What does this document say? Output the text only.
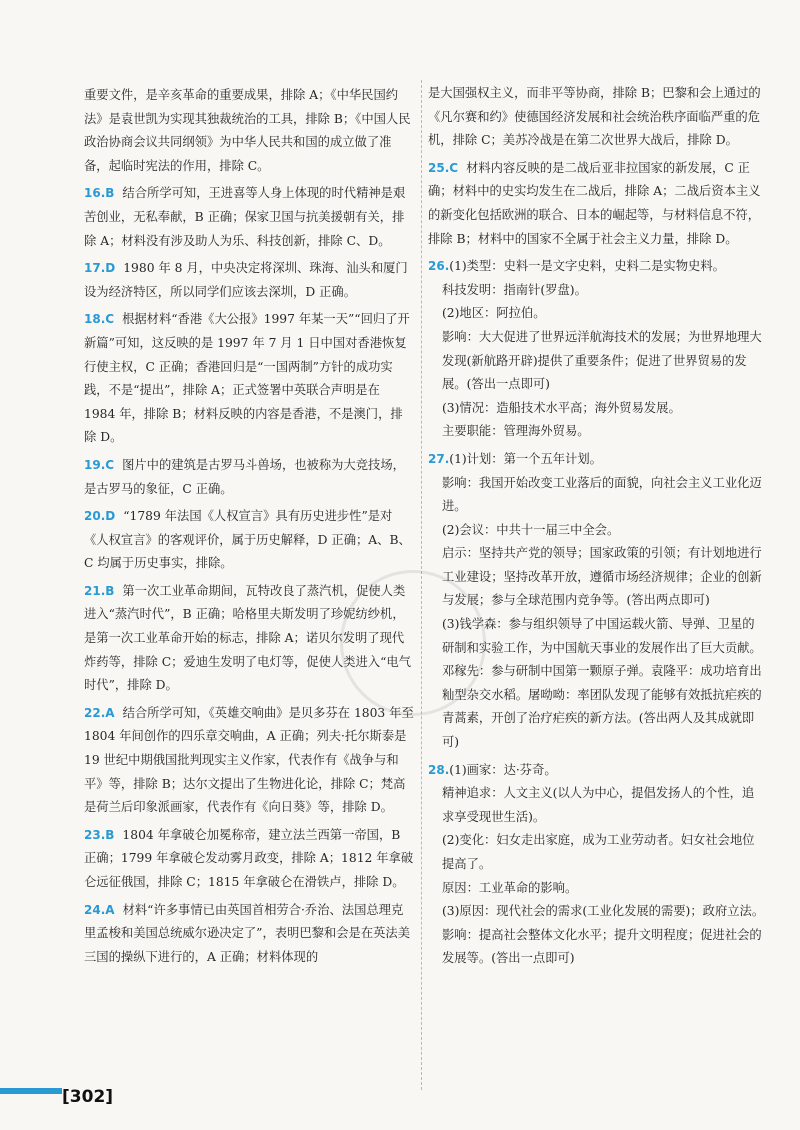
重要文件，是辛亥革命的重要成果，排除 A；《中华民国约法》是袁世凯为实现其独裁统治的工具，排除 B；《中国人民政治协商会议共同纲领》为中华人民共和国的成立做了准备，起临时宪法的作用，排除 C。
16.B 结合所学可知，王进喜等人身上体现的时代精神是艰苦创业，无私奉献，B 正确；保家卫国与抗美援朝有关，排除 A；材料没有涉及助人为乐、科技创新，排除 C、D。
17.D 1980 年 8 月，中央决定将深圳、珠海、汕头和厦门设为经济特区，所以同学们应该去深圳，D 正确。
18.C 根据材料“香港《大公报》1997 年某一天”“回归了开新篇”可知，这反映的是 1997 年 7 月 1 日中国对香港恢复行使主权，C 正确；香港回归是“一国两制”方针的成功实践，不是“提出”，排除 A；正式签署中英联合声明是在 1984 年，排除 B；材料反映的内容是香港，不是澳门，排除 D。
19.C 图片中的建筑是古罗马斗兽场，也被称为大竞技场，是古罗马的象征，C 正确。
20.D “1789 年法国《人权宣言》具有历史进步性”是对《人权宣言》的客观评价，属于历史解释，D 正确；A、B、C 均属于历史事实，排除。
21.B 第一次工业革命期间，瓦特改良了蒸汽机，促使人类进入“蒸汽时代”，B 正确；哈格里夫斯发明了珍妮纺纱机，是第一次工业革命开始的标志，排除 A；诺贝尔发明了现代炸药等，排除 C；爱迪生发明了电灯等，促使人类进入“电气时代”，排除 D。
22.A 结合所学可知，《英雄交响曲》是贝多芬在 1803 年至 1804 年间创作的四乐章交响曲，A 正确；列夫·托尔斯泰是 19 世纪中期俄国批判现实主义作家，代表作有《战争与和平》等，排除 B；达尔文提出了生物进化论，排除 C；梵高是荷兰后印象派画家，代表作有《向日葵》等，排除 D。
23.B 1804 年拿破仑加冕称帝，建立法兰西第一帝国，B 正确；1799 年拿破仑发动雾月政变，排除 A；1812 年拿破仑远征俄国，排除 C；1815 年拿破仑在滑铁卢，排除 D。
24.A 材料“许多事情已由英国首相劳合·乔治、法国总理克里孟梭和美国总统威尔逊决定了”，表明巴黎和会是在英法美三国的操纵下进行的，A 正确；材料体现的
是大国强权主义，而非平等协商，排除 B；巴黎和会上通过的《凡尔赛和约》使德国经济发展和社会统治秩序面临严重的危机，排除 C；美苏冷战是在第二次世界大战后，排除 D。
25.C 材料内容反映的是二战后亚非拉国家的新发展，C 正确；材料中的史实均发生在二战后，排除 A；二战后资本主义的新变化包括欧洲的联合、日本的崛起等，与材料信息不符，排除 B；材料中的国家不全属于社会主义力量，排除 D。
26.(1)类型：史料一是文字史料，史料二是实物史料。
科技发明：指南针(罗盘)。
(2)地区：阿拉伯。
影响：大大促进了世界远洋航海技术的发展；为世界地理大发现(新航路开辟)提供了重要条件；促进了世界贸易的发展。(答出一点即可)
(3)情况：造船技术水平高；海外贸易发展。
主要职能：管理海外贸易。
27.(1)计划：第一个五年计划。
影响：我国开始改变工业落后的面貌，向社会主义工业化迈进。
(2)会议：中共十一届三中全会。
启示：坚持共产党的领导；国家政策的引领；有计划地进行工业建设；坚持改革开放，遵循市场经济规律；企业的创新与发展；参与全球范围内竞争等。(答出两点即可)
(3)钱学森：参与组织领导了中国运载火箭、导弹、卫星的研制和实验工作，为中国航天事业的发展作出了巨大贡献。邓稼先：参与研制中国第一颗原子弹。袁隆平：成功培育出籼型杂交水稻。屠呦呦：率团队发现了能够有效抵抗疟疾的青蒿素，开创了治疗疟疾的新方法。(答出两人及其成就即可)
28.(1)画家：达·芬奇。
精神追求：人文主义(以人为中心，提倡发扬人的个性，追求享受现世生活)。
(2)变化：妇女走出家庭，成为工业劳动者。妇女社会地位提高了。
原因：工业革命的影响。
(3)原因：现代社会的需求(工业化发展的需要)；政府立法。
影响：提高社会整体文化水平；提升文明程度；促进社会的发展等。(答出一点即可)
[302]
